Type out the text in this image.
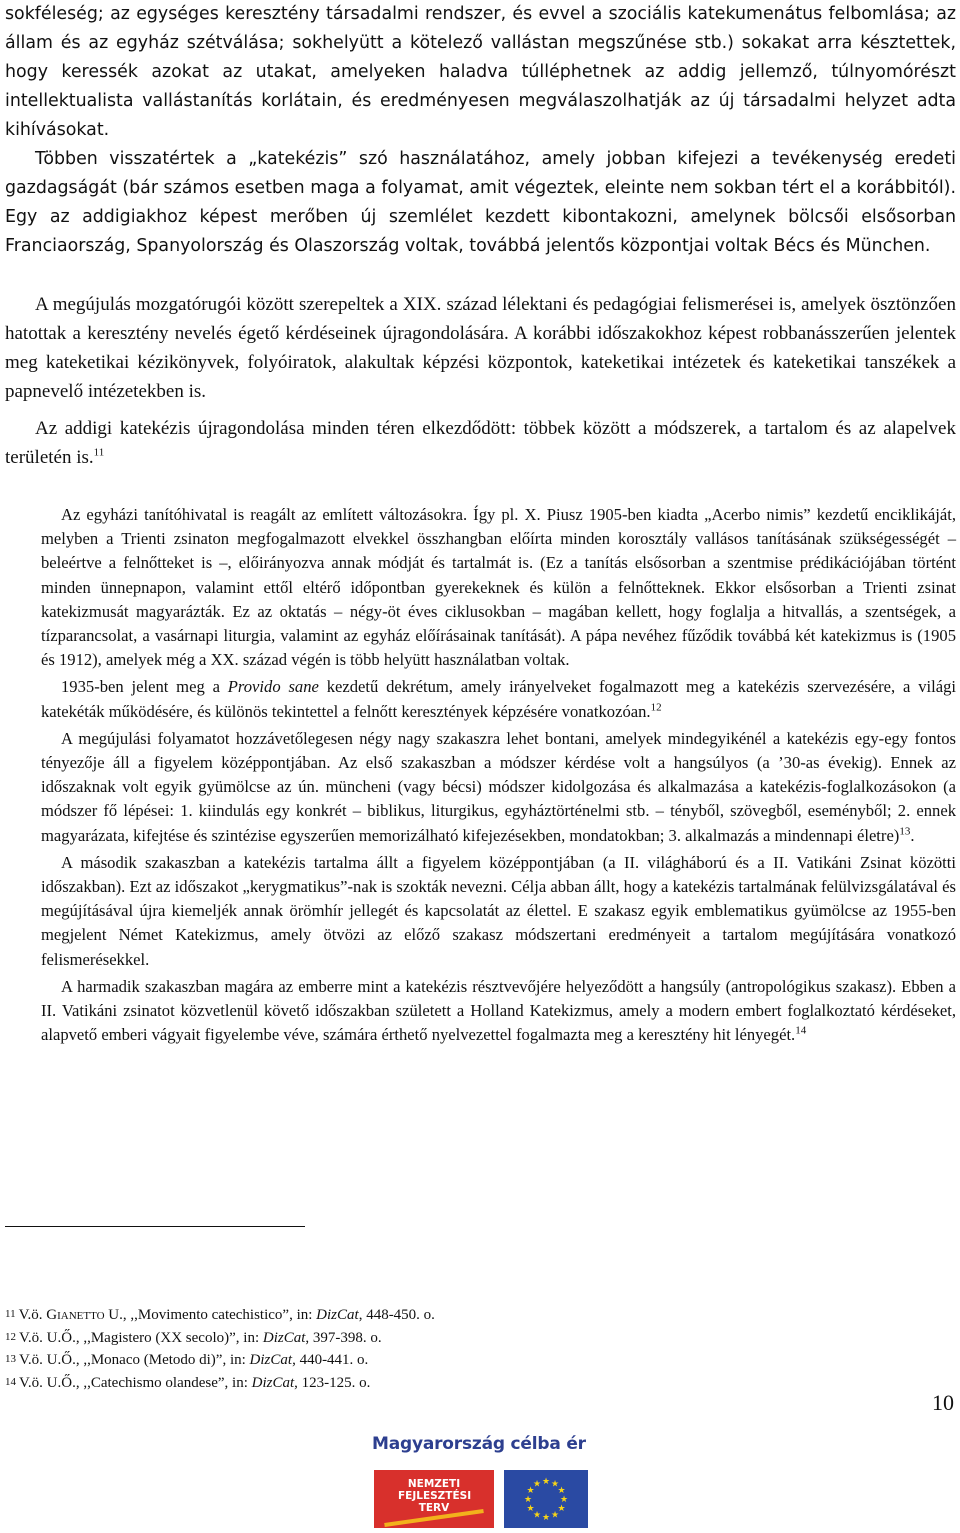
sokféleség; az egységes keresztény társadalmi rendszer, és evvel a szociális katekumenátus felbomlása; az állam és az egyház szétválása; sokhelyütt a kötelező vallástan megszűnése stb.) sokakat arra késztettek, hogy keressék azokat az utakat, amelyeken haladva túlléphetnek az addig jellemző, túlnyomórészt intellektualista vallástanítás korlátain, és eredményesen megválaszolhatják az új társadalmi helyzet adta kihívásokat.

Többen visszatértek a „katekézis” szó használatához, amely jobban kifejezi a tevékenység eredeti gazdagságát (bár számos esetben maga a folyamat, amit végeztek, eleinte nem sokban tért el a korábbitól). Egy az addigiakhoz képest merőben új szemlélet kezdett kibontakozni, amelynek bölcsői elsősorban Franciaország, Spanyolország és Olaszország voltak, továbbá jelentős központjai voltak Bécs és München.

A megújulás mozgatórugói között szerepeltek a XIX. század lélektani és pedagógiai felismerései is, amelyek ösztönzően hatottak a keresztény nevelés égető kérdéseinek újragondolására. A korábbi időszakokhoz képest robbanásszerűen jelentek meg kateketikai kézikönyvek, folyóiratok, alakultak képzési központok, kateketikai intézetek és kateketikai tanszékek a papnevelő intézetekben is.

Az addigi katekézis újragondolása minden téren elkezdődött: többek között a módszerek, a tartalom és az alapelvek területén is.$^{11}$

Az egyházi tanítóhivatal is reagált az említett változásokra. Így pl. X. Piusz 1905-ben kiadta „Acerbo nimis” kezdetű enciklikáját, melyben a Trienti zsinaton megfogalmazott elvekkel összhangban előírta minden korosztály vallásos tanításának szükségességét – beleértve a felnőtteket is –, előirányozva annak módját és tartalmát is. (Ez a tanítás elsősorban a szentmise prédikációjában történt minden ünnepnapon, valamint ettől eltérő időpontban gyerekeknek és külön a felnőtteknek. Ekkor elsősorban a Trienti zsinat katekizmusát magyarázták. Ez az oktatás – négy-öt éves ciklusokban – magában kellett, hogy foglalja a hitvallás, a szentségek, a tízparancsolat, a vasárnapi liturgia, valamint az egyház előírásainak tanítását). A pápa nevéhez fűződik továbbá két katekizmus is (1905 és 1912), amelyek még a XX. század végén is több helyütt használatban voltak.

1935-ben jelent meg a Provido sane kezdetű dekrétum, amely irányelveket fogalmazott meg a katekézis szervezésére, a világi katekéták működésére, és különös tekintettel a felnőtt keresztények képzésére vonatkozóan.$^{12}$

A megújulási folyamatot hozzávetőlegesen négy nagy szakaszra lehet bontani, amelyek mindegyikénél a katekézis egy-egy fontos tényezője áll a figyelem középpontjában. Az első szakaszban a módszer kérdése volt a hangsúlyos (a ’30-as évekig). Ennek az időszaknak volt egyik gyümölcse az ún. müncheni (vagy bécsi) módszer kidolgozása és alkalmazása a katekézis-foglalkozásokon (a módszer fő lépései: 1. kiindulás egy konkrét – biblikus, liturgikus, egyháztörténelmi stb. – tényből, szövegből, eseményből; 2. ennek magyarázata, kifejtése és szintézise egyszerűen memorizálható kifejezésekben, mondatokban; 3. alkalmazás a mindennapi életre)$^{13}$.

A második szakaszban a katekézis tartalma állt a figyelem középpontjában (a II. világháború és a II. Vatikáni Zsinat közötti időszakban). Ezt az időszakot „kerygmatikus”-nak is szokták nevezni. Célja abban állt, hogy a katekézis tartalmának felülvizsgálatával és megújításával újra kiemeljék annak örömhír jellegét és kapcsolatát az élettel. E szakasz egyik emblematikus gyümölcse az 1955-ben megjelent Német Katekizmus, amely ötvözi az előző szakasz módszertani eredményeit a tartalom megújítására vonatkozó felismerésekkel.

A harmadik szakaszban magára az emberre mint a katekézis résztvevőjére helyeződött a hangsúly (antropológikus szakasz). Ebben a II. Vatikáni zsinatot közvetlenül követő időszakban született a Holland Katekizmus, amely a modern embert foglalkoztató kérdéseket, alapvető emberi vágyait figyelembe véve, számára érthető nyelvezettel fogalmazta meg a keresztény hit lényegét.$^{14}$

11 V.ö. Gianetto U., ,,Movimento catechistico”, in: DizCat, 448-450. o.

12 V.ö. U.Ő., ,,Magistero (XX secolo)”, in: DizCat, 397-398. o.

13 V.ö. U.Ő., ,,Monaco (Metodo di)”, in: DizCat, 440-441. o.

14 V.ö. U.Ő., ,,Catechismo olandese”, in: DizCat, 123-125. o.

10
Magyarország célba ér
NEMZETI FEJLESZTÉSI TERV
★ ★
★
★
★
★
★
★
★
★
★
★
